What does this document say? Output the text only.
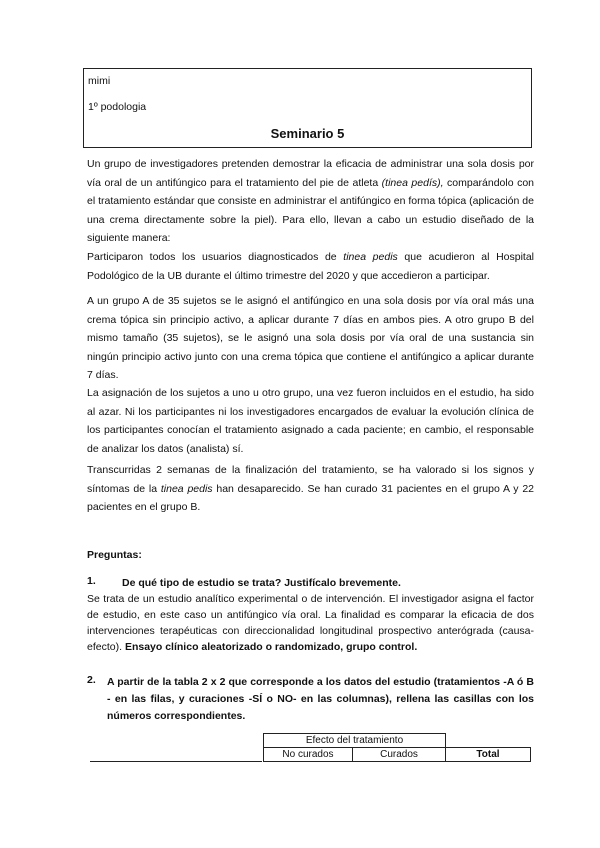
mimi
1º podologia
Seminario 5
Un grupo de investigadores pretenden demostrar la eficacia de administrar una sola dosis por vía oral de un antifúngico para el tratamiento del pie de atleta (tinea pedís), comparándolo con el tratamiento estándar que consiste en administrar el antifúngico en forma tópica (aplicación de una crema directamente sobre la piel). Para ello, llevan a cabo un estudio diseñado de la siguiente manera:
Participaron todos los usuarios diagnosticados de tinea pedis que acudieron al Hospital Podológico de la UB durante el último trimestre del 2020 y que accedieron a participar.
A un grupo A de 35 sujetos se le asignó el antifúngico en una sola dosis por vía oral más una crema tópica sin principio activo, a aplicar durante 7 días en ambos pies. A otro grupo B del mismo tamaño (35 sujetos), se le asignó una sola dosis por vía oral de una sustancia sin ningún principio activo junto con una crema tópica que contiene el antifúngico a aplicar durante 7 días.
La asignación de los sujetos a uno u otro grupo, una vez fueron incluidos en el estudio, ha sido al azar. Ni los participantes ni los investigadores encargados de evaluar la evolución clínica de los participantes conocían el tratamiento asignado a cada paciente; en cambio, el responsable de analizar los datos (analista) sí.
Transcurridas 2 semanas de la finalización del tratamiento, se ha valorado si los signos y síntomas de la tinea pedis han desaparecido. Se han curado 31 pacientes en el grupo A y 22 pacientes en el grupo B.
Preguntas:
1. De qué tipo de estudio se trata? Justifícalo brevemente.
Se trata de un estudio analítico experimental o de intervención. El investigador asigna el factor de estudio, en este caso un antifúngico vía oral. La finalidad es comparar la eficacia de dos intervenciones terapéuticas con direccionalidad longitudinal prospectivo anterógrada (causa- efecto). Ensayo clínico aleatorizado o randomizado, grupo control.
2. A partir de la tabla 2 x 2 que corresponde a los datos del estudio (tratamientos -A ó B - en las filas, y curaciones -SÍ o NO- en las columnas), rellena las casillas con los números correspondientes.
Efecto del tratamiento		
No curados	Curados	Total
